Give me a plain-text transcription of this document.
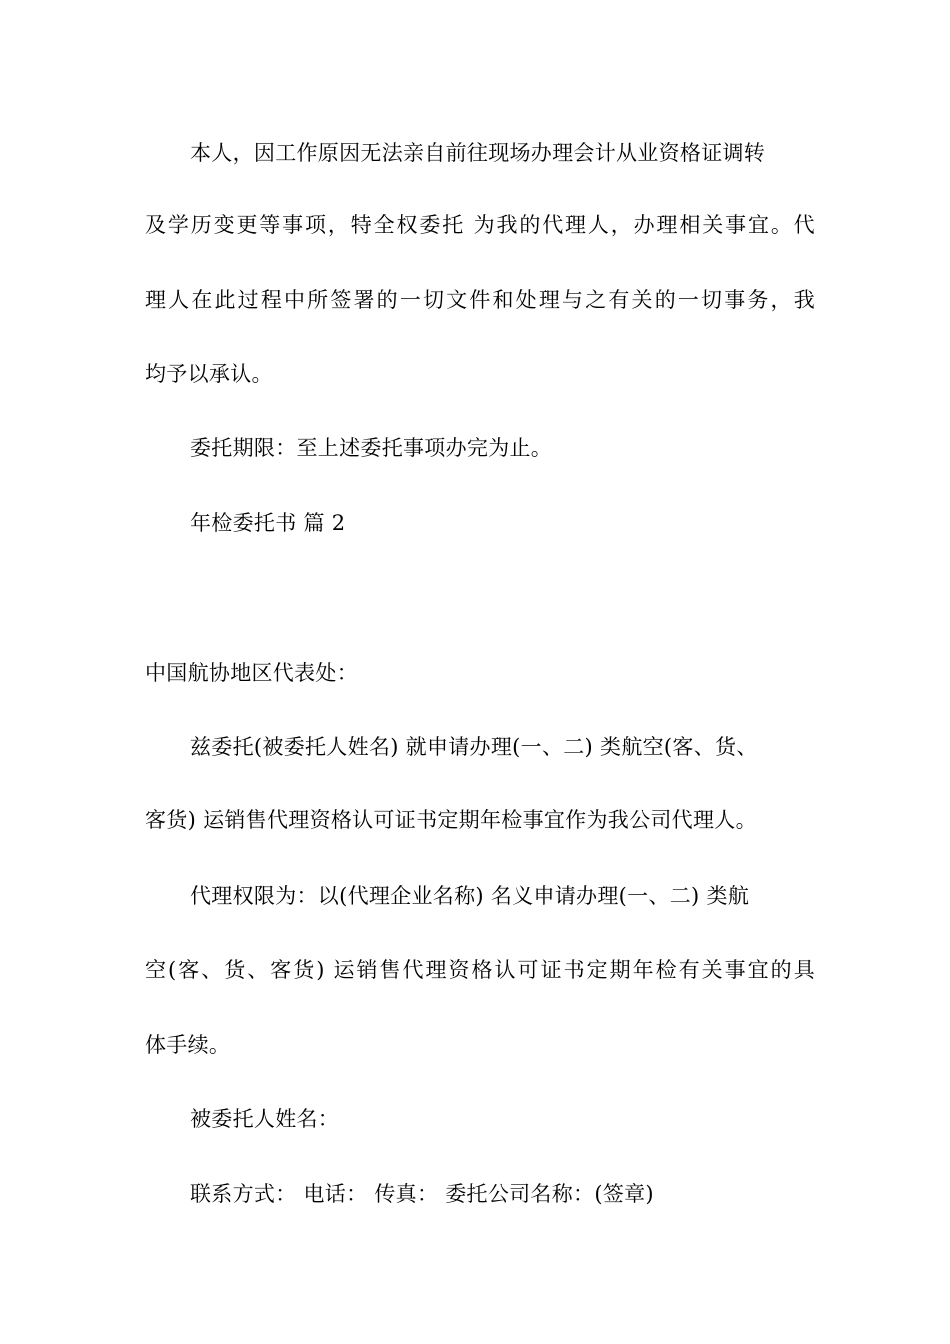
本人，因工作原因无法亲自前往现场办理会计从业资格证调转
及学历变更等事项，特全权委托 为我的代理人，办理相关事宜。代
理人在此过程中所签署的一切文件和处理与之有关的一切事务，我
均予以承认。
委托期限：至上述委托事项办完为止。
年检委托书 篇 2
中国航协地区代表处：
兹委托(被委托人姓名) 就申请办理(一、二) 类航空(客、货、
客货) 运销售代理资格认可证书定期年检事宜作为我公司代理人。
代理权限为：以(代理企业名称) 名义申请办理(一、二) 类航
空(客、货、客货) 运销售代理资格认可证书定期年检有关事宜的具
体手续。
被委托人姓名：
联系方式： 电话： 传真： 委托公司名称：(签章)
